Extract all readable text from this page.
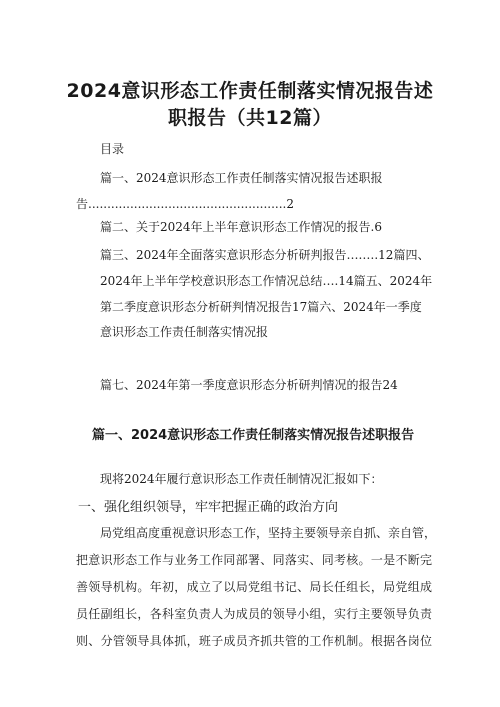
2024意识形态工作责任制落实情况报告述
职报告（共12篇）
目录
篇一、2024意识形态工作责任制落实情况报告述职报
告....................................................2
篇二、关于2024年上半年意识形态工作情况的报告.6
篇三、2024年全面落实意识形态分析研判报告….….12篇四、
2024年上半年学校意识形态工作情况总结….14篇五、2024年
第二季度意识形态分析研判情况报告17篇六、2024年一季度
意识形态工作责任制落实情况报
篇七、2024年第一季度意识形态分析研判情况的报告24
篇一、2024意识形态工作责任制落实情况报告述职报告
现将2024年履行意识形态工作责任制情况汇报如下：
一、强化组织领导，牢牢把握正确的政治方向
局党组高度重视意识形态工作，坚持主要领导亲自抓、亲自管，
把意识形态工作与业务工作同部署、同落实、同考核。一是不断完
善领导机构。年初，成立了以局党组书记、局长任组长，局党组成
员任副组长，各科室负责人为成员的领导小组，实行主要领导负责
则、分管领导具体抓，班子成员齐抓共管的工作机制。根据各岗位
